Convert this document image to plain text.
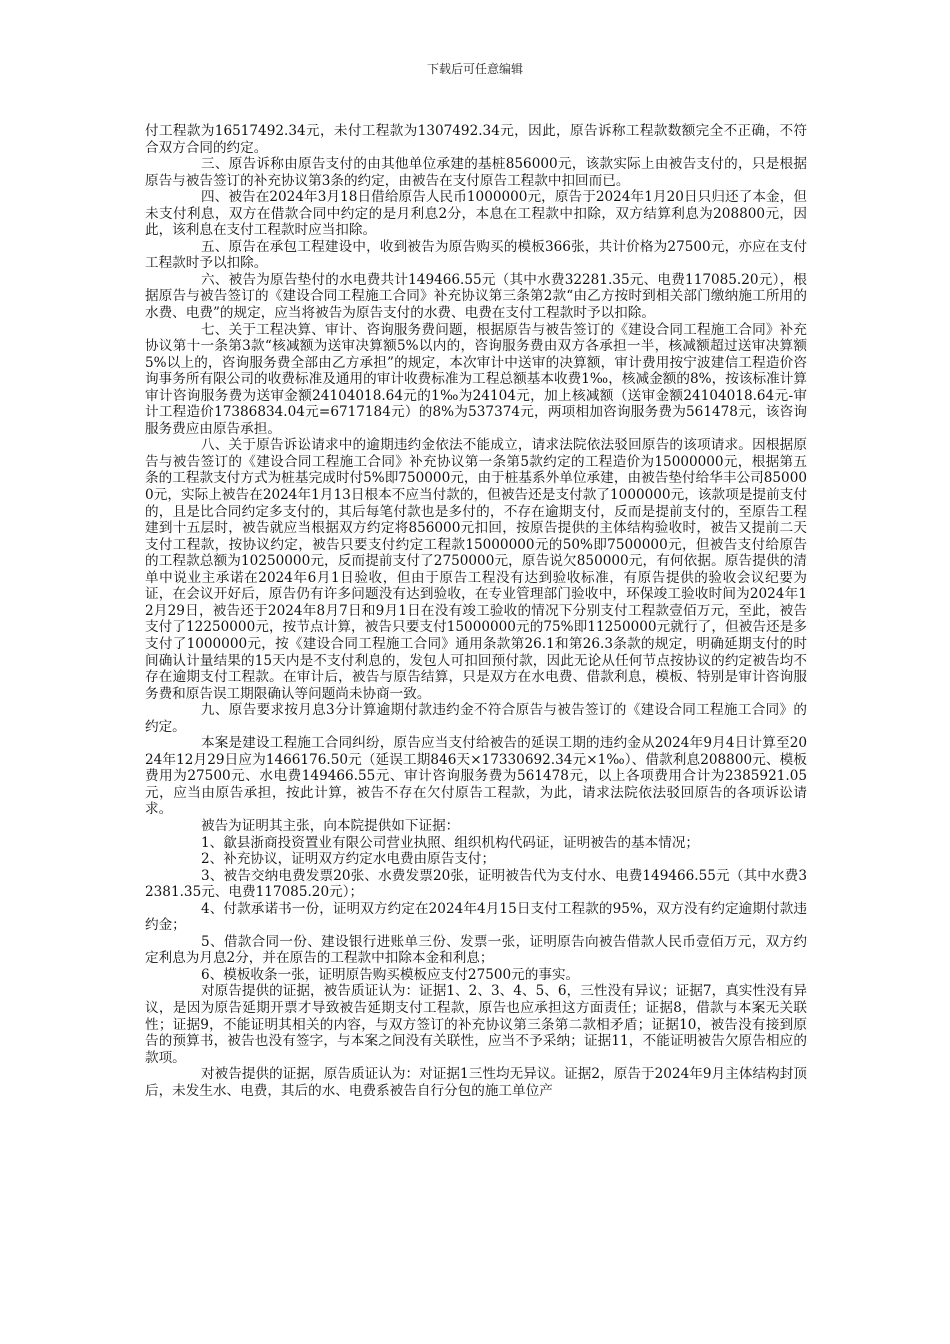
下载后可任意编辑

付工程款为16517492.34元，未付工程款为1307492.34元，因此，原告诉称工程款数额完全不正确，不符合双方合同的约定。

三、原告诉称由原告支付的由其他单位承建的基桩856000元，该款实际上由被告支付的，只是根据原告与被告签订的补充协议第3条的约定，由被告在支付原告工程款中扣回而已。

四、被告在2024年3月18日借给原告人民币1000000元，原告于2024年1月20日只归还了本金，但未支付利息，双方在借款合同中约定的是月利息2分，本息在工程款中扣除，双方结算利息为208800元，因此，该利息在支付工程款时应当扣除。

五、原告在承包工程建设中，收到被告为原告购买的模板366张，共计价格为27500元，亦应在支付工程款时予以扣除。

六、被告为原告垫付的水电费共计149466.55元（其中水费32281.35元、电费117085.20元），根据原告与被告签订的《建设合同工程施工合同》补充协议第三条第2款“由乙方按时到相关部门缴纳施工所用的水费、电费”的规定，应当将被告为原告支付的水费、电费在支付工程款时予以扣除。

七、关于工程决算、审计、咨询服务费问题，根据原告与被告签订的《建设合同工程施工合同》补充协议第十一条第3款“核减额为送审决算额5%以内的，咨询服务费由双方各承担一半，核减额超过送审决算额5%以上的，咨询服务费全部由乙方承担”的规定，本次审计中送审的决算额，审计费用按宁波建信工程造价咨询事务所有限公司的收费标准及通用的审计收费标准为工程总额基本收费1‰，核减金额的8%，按该标准计算审计咨询服务费为送审金额24104018.64元的1‰为24104元，加上核减额（送审金额24104018.64元-审计工程造价17386834.04元=6717184元）的8%为537374元，两项相加咨询服务费为561478元，该咨询服务费应由原告承担。

八、关于原告诉讼请求中的逾期违约金依法不能成立，请求法院依法驳回原告的该项请求。因根据原告与被告签订的《建设合同工程施工合同》补充协议第一条第5款约定的工程造价为15000000元，根据第五条的工程款支付方式为桩基完成时付5%即750000元，由于桩基系外单位承建，由被告垫付给华丰公司850000元，实际上被告在2024年1月13日根本不应当付款的，但被告还是支付款了1000000元，该款项是提前支付的，且是比合同约定多支付的，其后每笔付款也是多付的，不存在逾期支付，反而是提前支付的，至原告工程建到十五层时，被告就应当根据双方约定将856000元扣回，按原告提供的主体结构验收时，被告又提前二天支付工程款，按协议约定，被告只要支付约定工程款15000000元的50%即7500000元，但被告支付给原告的工程款总额为10250000元，反而提前支付了2750000元，原告说欠850000元，有何依据。原告提供的清单中说业主承诺在2024年6月1日验收，但由于原告工程没有达到验收标准，有原告提供的验收会议纪要为证，在会议开好后，原告仍有许多问题没有达到验收，在专业管理部门验收中，环保竣工验收时间为2024年12月29日，被告还于2024年8月7日和9月1日在没有竣工验收的情况下分别支付工程款壹佰万元，至此，被告支付了12250000元，按节点计算，被告只要支付15000000元的75%即11250000元就行了，但被告还是多支付了1000000元，按《建设合同工程施工合同》通用条款第26.1和第26.3条款的规定，明确延期支付的时间确认计量结果的15天内是不支付利息的，发包人可扣回预付款，因此无论从任何节点按协议的约定被告均不存在逾期支付工程款。在审计后，被告与原告结算，只是双方在水电费、借款利息，模板、特别是审计咨询服务费和原告误工期限确认等问题尚未协商一致。

九、原告要求按月息3分计算逾期付款违约金不符合原告与被告签订的《建设合同工程施工合同》的约定。

本案是建设工程施工合同纠纷，原告应当支付给被告的延误工期的违约金从2024年9月4日计算至2024年12月29日应为1466176.50元（延误工期846天×17330692.34元×1‰）、借款利息208800元、模板费用为27500元、水电费149466.55元、审计咨询服务费为561478元，以上各项费用合计为2385921.05元，应当由原告承担，按此计算，被告不存在欠付原告工程款，为此，请求法院依法驳回原告的各项诉讼请求。

被告为证明其主张，向本院提供如下证据：

1、歙县浙商投资置业有限公司营业执照、组织机构代码证，证明被告的基本情况；

2、补充协议，证明双方约定水电费由原告支付；

3、被告交纳电费发票20张、水费发票20张，证明被告代为支付水、电费149466.55元（其中水费32381.35元、电费117085.20元）；

4、付款承诺书一份，证明双方约定在2024年4月15日支付工程款的95%，双方没有约定逾期付款违约金；

5、借款合同一份、建设银行进账单三份、发票一张，证明原告向被告借款人民币壹佰万元，双方约定利息为月息2分，并在原告的工程款中扣除本金和利息；

6、模板收条一张，证明原告购买模板应支付27500元的事实。

对原告提供的证据，被告质证认为：证据1、2、3、4、5、6，三性没有异议；证据7，真实性没有异议，是因为原告延期开票才导致被告延期支付工程款，原告也应承担这方面责任；证据8，借款与本案无关联性；证据9，不能证明其相关的内容，与双方签订的补充协议第三条第二款相矛盾；证据10，被告没有接到原告的预算书，被告也没有签字，与本案之间没有关联性，应当不予采纳；证据11，不能证明被告欠原告相应的款项。

对被告提供的证据，原告质证认为：对证据1三性均无异议。证据2，原告于2024年9月主体结构封顶后，未发生水、电费，其后的水、电费系被告自行分包的施工单位产
